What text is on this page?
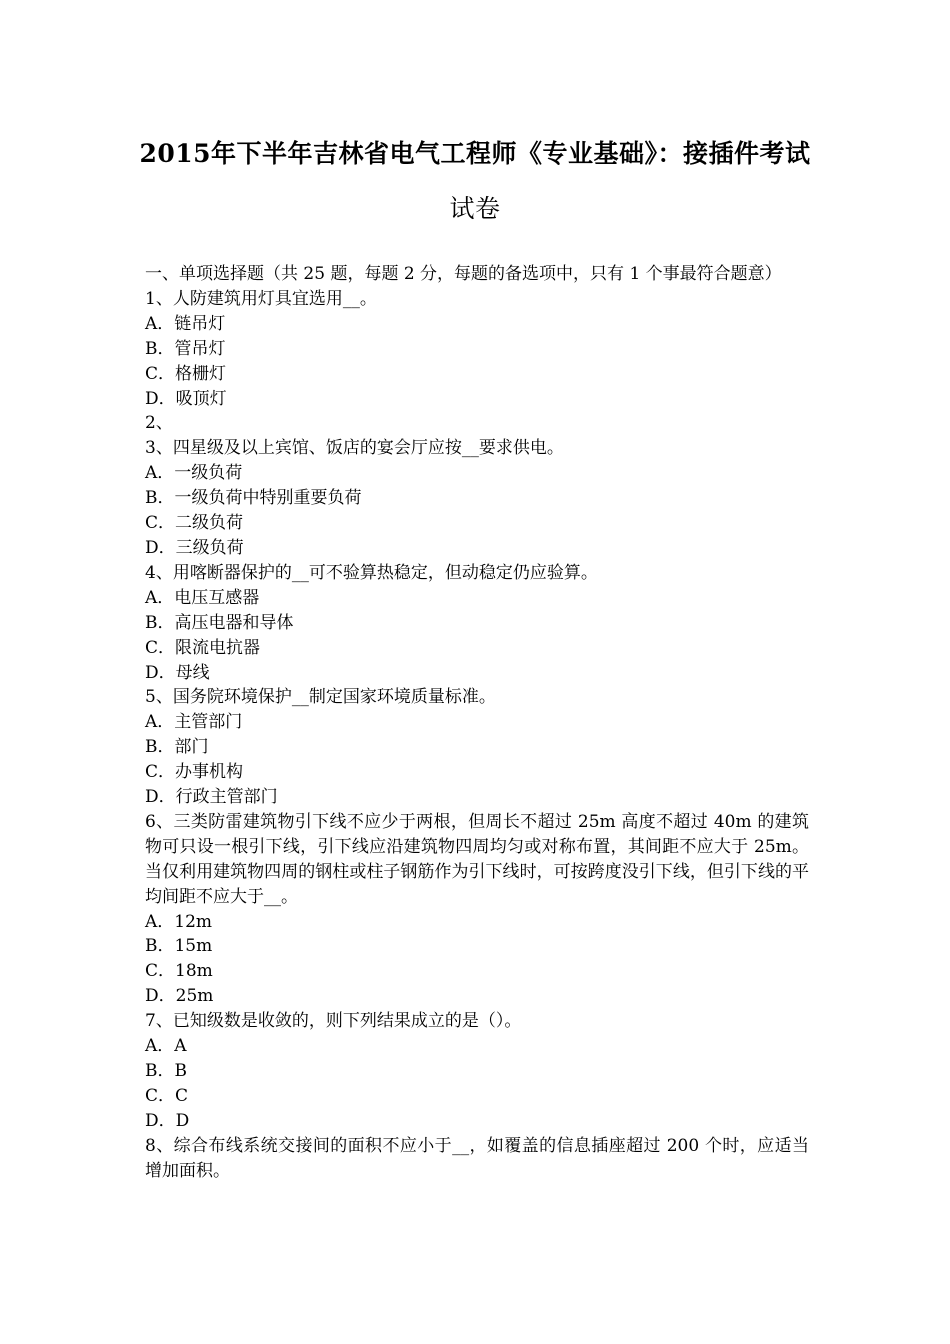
2015年下半年吉林省电气工程师《专业基础》：接插件考试
试卷

一、单项选择题（共 25 题，每题 2 分，每题的备选项中，只有 1 个事最符合题意）

1、人防建筑用灯具宜选用__。

A．链吊灯

B．管吊灯

C．格栅灯

D．吸顶灯

2、

3、四星级及以上宾馆、饭店的宴会厅应按__要求供电。

A．一级负荷

B．一级负荷中特别重要负荷

C．二级负荷

D．三级负荷

4、用喀断器保护的__可不验算热稳定，但动稳定仍应验算。

A．电压互感器

B．高压电器和导体

C．限流电抗器

D．母线

5、国务院环境保护__制定国家环境质量标准。

A．主管部门

B．部门

C．办事机构

D．行政主管部门

6、三类防雷建筑物引下线不应少于两根，但周长不超过 25m 高度不超过 40m 的建筑物可只设一根引下线，引下线应沿建筑物四周均匀或对称布置，其间距不应大于 25m。当仅利用建筑物四周的钢柱或柱子钢筋作为引下线时，可按跨度没引下线，但引下线的平均间距不应大于__。

A．12m

B．15m

C．18m

D．25m

7、已知级数是收敛的，则下列结果成立的是（）。

A．A

B．B

C．C

D．D

8、综合布线系统交接间的面积不应小于__，如覆盖的信息插座超过 200 个时，应适当增加面积。
